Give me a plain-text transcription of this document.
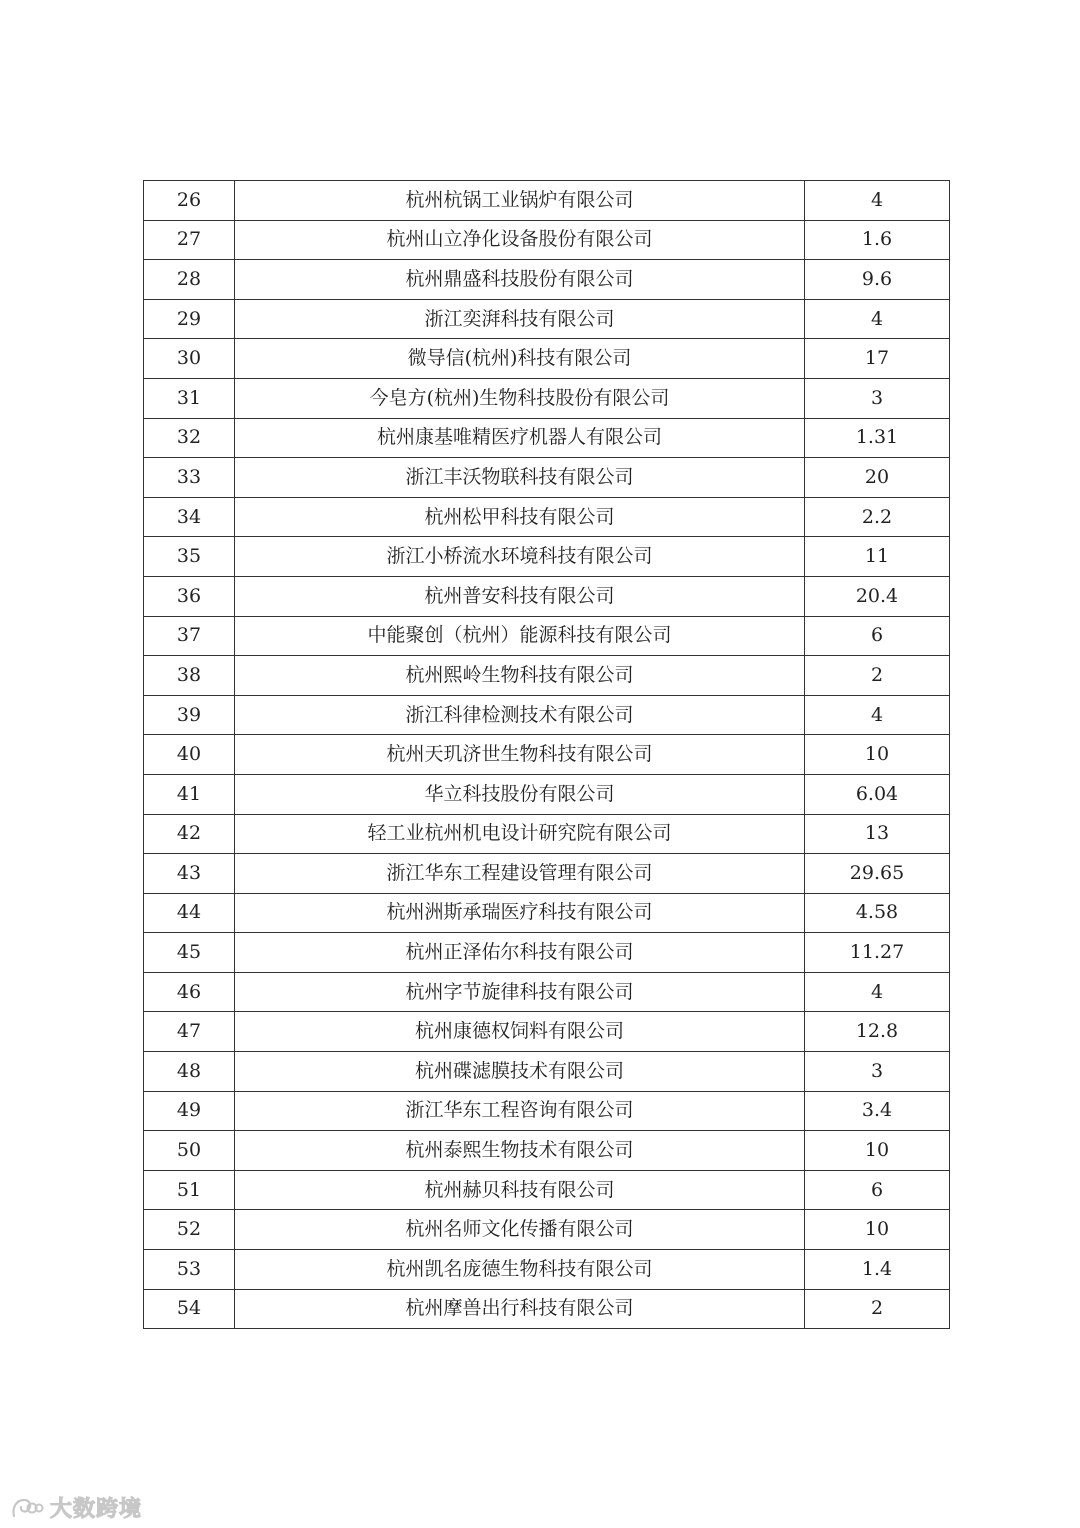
26	杭州杭锅工业锅炉有限公司	4
27	杭州山立净化设备股份有限公司	1.6
28	杭州鼎盛科技股份有限公司	9.6
29	浙江奕湃科技有限公司	4
30	微导信(杭州)科技有限公司	17
31	今皂方(杭州)生物科技股份有限公司	3
32	杭州康基唯精医疗机器人有限公司	1.31
33	浙江丰沃物联科技有限公司	20
34	杭州松甲科技有限公司	2.2
35	浙江小桥流水环境科技有限公司	11
36	杭州普安科技有限公司	20.4
37	中能聚创（杭州）能源科技有限公司	6
38	杭州熙岭生物科技有限公司	2
39	浙江科律检测技术有限公司	4
40	杭州天玑济世生物科技有限公司	10
41	华立科技股份有限公司	6.04
42	轻工业杭州机电设计研究院有限公司	13
43	浙江华东工程建设管理有限公司	29.65
44	杭州洲斯承瑞医疗科技有限公司	4.58
45	杭州正泽佑尔科技有限公司	11.27
46	杭州字节旋律科技有限公司	4
47	杭州康德权饲料有限公司	12.8
48	杭州碟滤膜技术有限公司	3
49	浙江华东工程咨询有限公司	3.4
50	杭州泰熙生物技术有限公司	10
51	杭州赫贝科技有限公司	6
52	杭州名师文化传播有限公司	10
53	杭州凯名庞德生物科技有限公司	1.4
54	杭州摩兽出行科技有限公司	2
大数跨境
